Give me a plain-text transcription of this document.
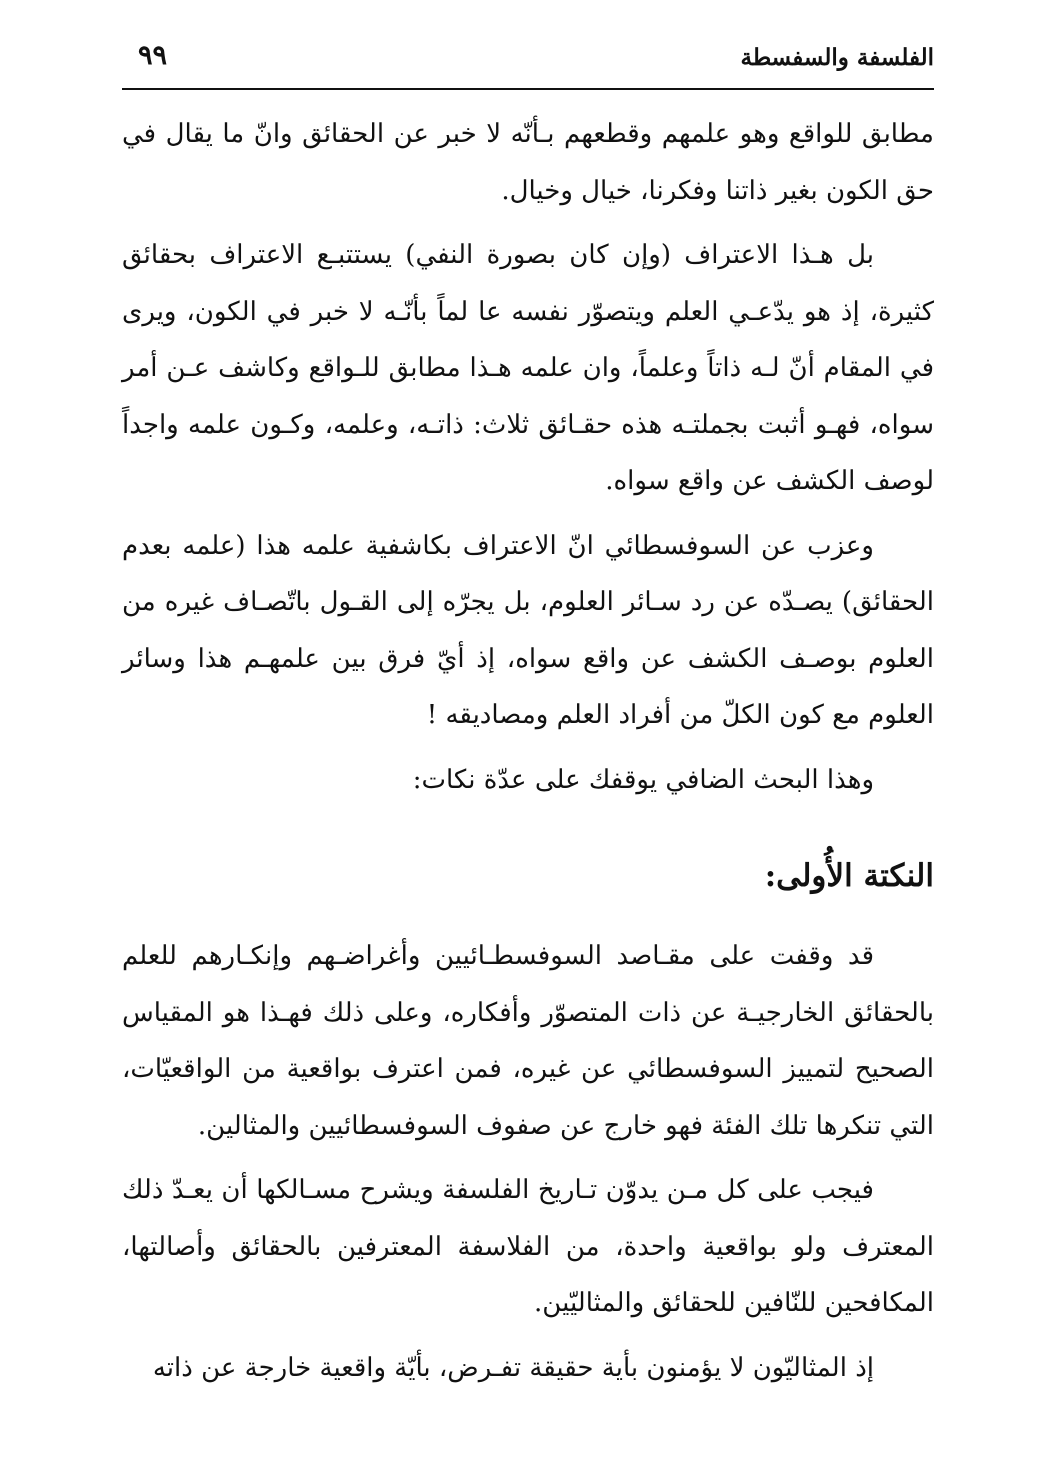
الفلسفة والسفسطة
٩٩

مطابق للواقع وهو علمهم وقطعهم بـأنّه لا خبر عن الحقائق وانّ ما يقال في حق الكون بغير ذاتنا وفكرنا، خيال وخيال.

بل هـذا الاعتراف (وإن كان بصورة النفي) يستتبـع الاعتراف بحقائق كثيرة، إذ هو يدّعـي العلم ويتصوّر نفسه عا لماً بأنّـه لا خبر في الكون، ويرى في المقام أنّ لـه ذاتاً وعلماً، وان علمه هـذا مطابق للـواقع وكاشف عـن أمر سواه، فهـو أثبت بجملتـه هذه حقـائق ثلاث: ذاتـه، وعلمه، وكـون علمه واجداً لوصف الكشف عن واقع سواه.

وعزب عن السوفسطائي انّ الاعتراف بكاشفية علمه هذا (علمه بعدم الحقائق) يصـدّه عن رد سـائر العلوم، بل يجرّه إلى القـول باتّصـاف غيره من العلوم بوصـف الكشف عن واقع سواه، إذ أيّ فرق بين علمهـم هذا وسائر العلوم مع كون الكلّ من أفراد العلم ومصاديقه !

وهذا البحث الضافي يوقفك على عدّة نكات:

النكتة الأُولى:

قد وقفت على مقـاصد السوفسطـائيين وأغراضـهم وإنكـارهم للعلم بالحقائق الخارجيـة عن ذات المتصوّر وأفكاره، وعلى ذلك فهـذا هو المقياس الصحيح لتمييز السوفسطائي عن غيره، فمن اعترف بواقعية من الواقعيّات، التي تنكرها تلك الفئة فهو خارج عن صفوف السوفسطائيين والمثالين.

فيجب على كل مـن يدوّن تـاريخ الفلسفة ويشرح مسـالكها أن يعـدّ ذلك المعترف ولو بواقعية واحدة، من الفلاسفة المعترفين بالحقائق وأصالتها، المكافحين للنّافين للحقائق والمثاليّين.

إذ المثاليّون لا يؤمنون بأية حقيقة تفـرض، بأيّة واقعية خارجة عن ذاته
